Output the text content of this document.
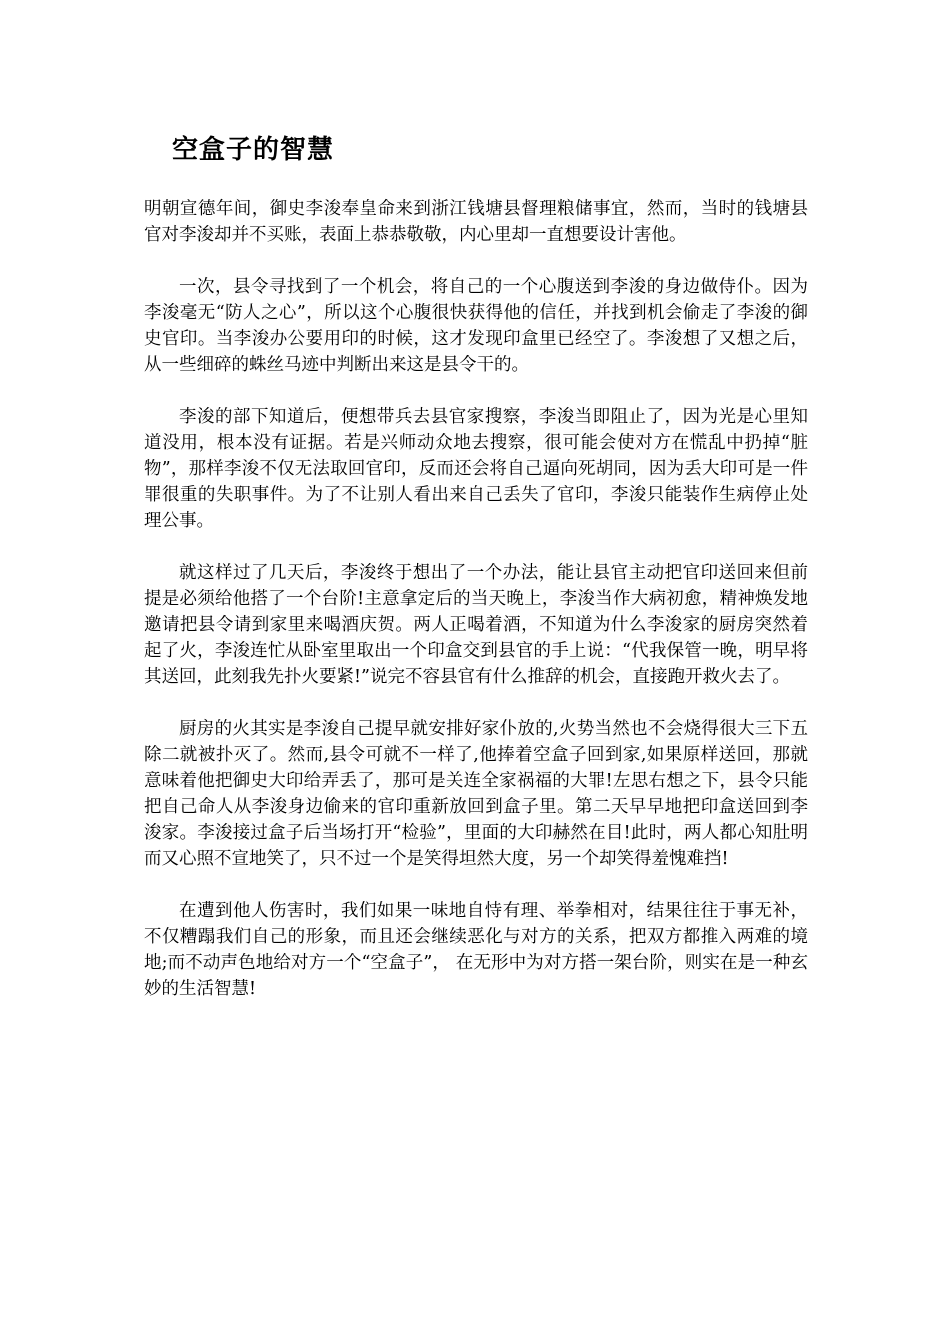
空盒子的智慧

明朝宣德年间，御史李浚奉皇命来到浙江钱塘县督理粮储事宜，然而，当时的钱塘县官对李浚却并不买账，表面上恭恭敬敬，内心里却一直想要设计害他。

一次，县令寻找到了一个机会，将自己的一个心腹送到李浚的身边做侍仆。因为李浚毫无“防人之心”，所以这个心腹很快获得他的信任，并找到机会偷走了李浚的御史官印。当李浚办公要用印的时候，这才发现印盒里已经空了。李浚想了又想之后，从一些细碎的蛛丝马迹中判断出来这是县令干的。

李浚的部下知道后，便想带兵去县官家搜察，李浚当即阻止了，因为光是心里知道没用，根本没有证据。若是兴师动众地去搜察，很可能会使对方在慌乱中扔掉“脏物”，那样李浚不仅无法取回官印，反而还会将自己逼向死胡同，因为丢大印可是一件罪很重的失职事件。为了不让别人看出来自己丢失了官印，李浚只能装作生病停止处理公事。

就这样过了几天后，李浚终于想出了一个办法，能让县官主动把官印送回来但前提是必须给他搭了一个台阶!主意拿定后的当天晚上，李浚当作大病初愈，精神焕发地邀请把县令请到家里来喝酒庆贺。两人正喝着酒，不知道为什么李浚家的厨房突然着起了火，李浚连忙从卧室里取出一个印盒交到县官的手上说：“代我保管一晚，明早将其送回，此刻我先扑火要紧!”说完不容县官有什么推辞的机会，直接跑开救火去了。

厨房的火其实是李浚自己提早就安排好家仆放的,火势当然也不会烧得很大三下五除二就被扑灭了。然而,县令可就不一样了,他捧着空盒子回到家,如果原样送回，那就意味着他把御史大印给弄丢了，那可是关连全家祸福的大罪!左思右想之下，县令只能把自己命人从李浚身边偷来的官印重新放回到盒子里。第二天早早地把印盒送回到李浚家。李浚接过盒子后当场打开“检验”，里面的大印赫然在目!此时，两人都心知肚明而又心照不宣地笑了，只不过一个是笑得坦然大度，另一个却笑得羞愧难挡!

在遭到他人伤害时，我们如果一味地自恃有理、举拳相对，结果往往于事无补，不仅糟蹋我们自己的形象，而且还会继续恶化与对方的关系，把双方都推入两难的境地;而不动声色地给对方一个“空盒子”， 在无形中为对方搭一架台阶，则实在是一种玄妙的生活智慧!
